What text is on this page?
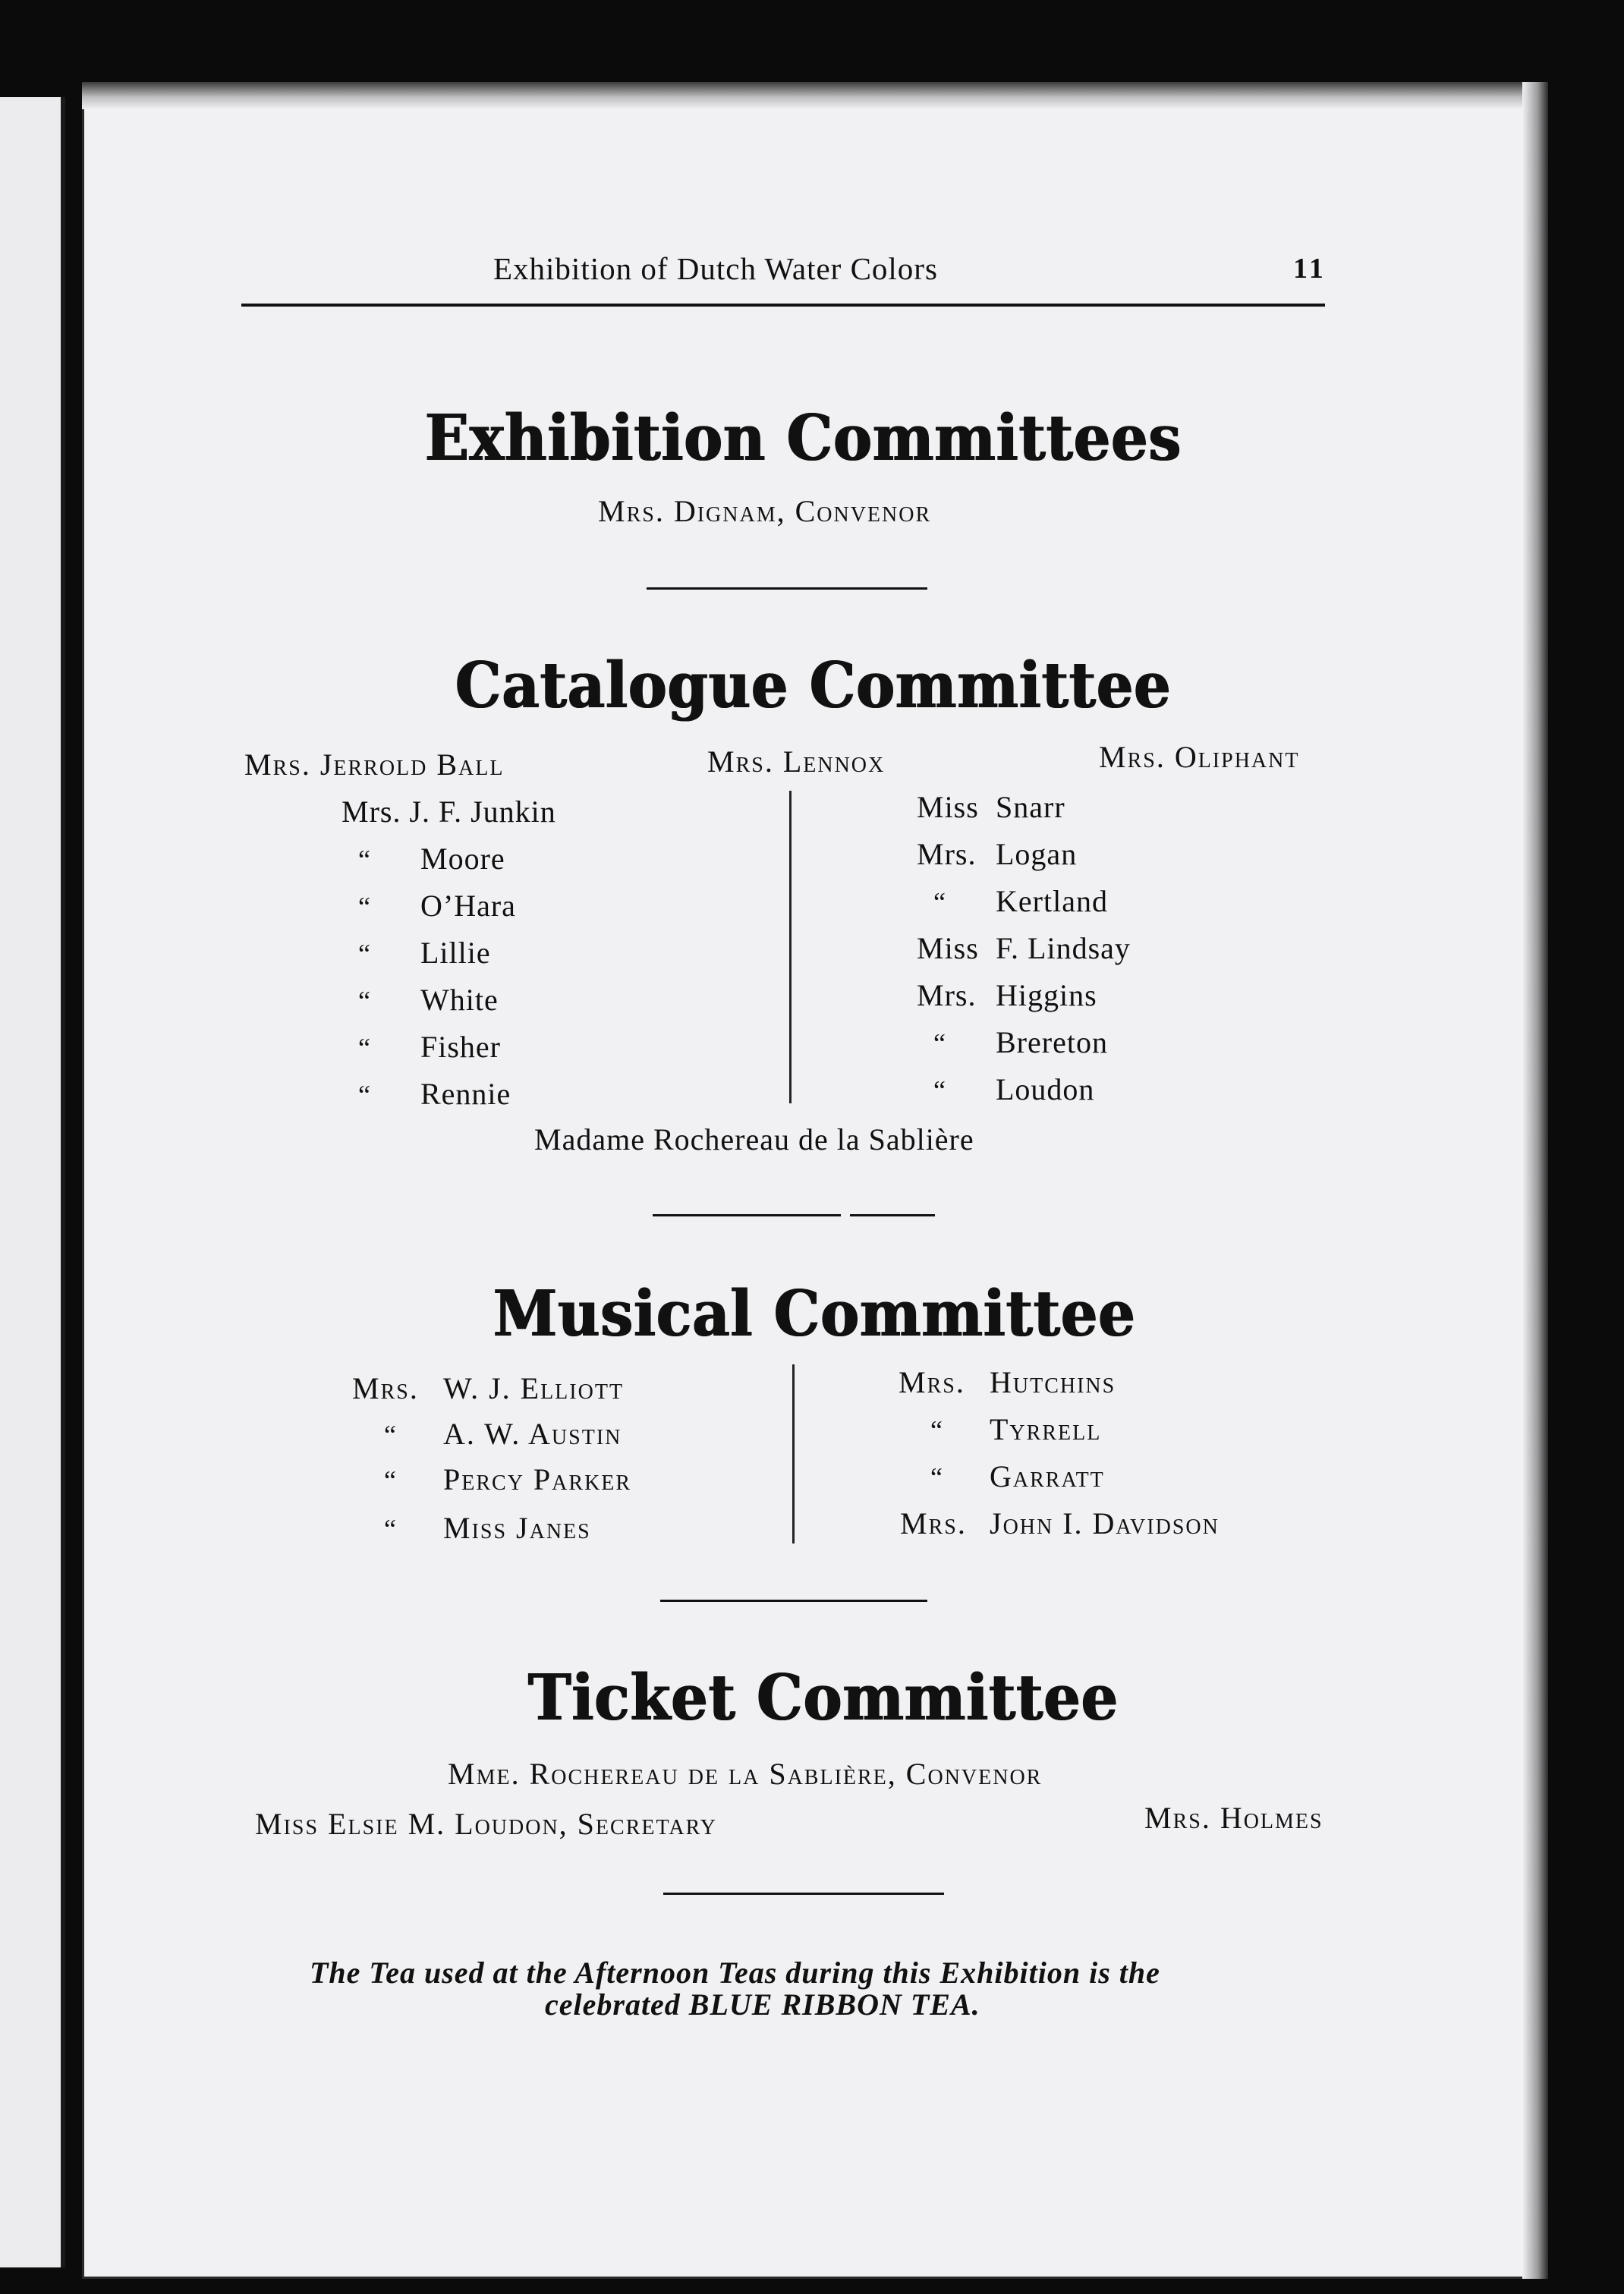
Exhibition of Dutch Water Colors	11
Exhibition Committees
Mrs. Dignam, Convenor
Catalogue Committee
Mrs. Jerrold Ball	Mrs. Lennox	Mrs. Oliphant
Mrs. J. F. Junkin
“ Moore
“ O’Hara
“ Lillie
“ White
“ Fisher
“ Rennie
Miss Snarr
Mrs. Logan
“ Kertland
Miss F. Lindsay
Mrs. Higgins
“ Brereton
“ Loudon
Madame Rochereau de la Sablière
Musical Committee
Mrs. W. J. Elliott
“ A. W. Austin
“ Percy Parker
“ Miss Janes
Mrs. Hutchins
“ Tyrrell
“ Garratt
Mrs. John I. Davidson
Ticket Committee
Mme. Rochereau de la Sablière, Convenor
Miss Elsie M. Loudon, Secretary	Mrs. Holmes
The Tea used at the Afternoon Teas during this Exhibition is the
celebrated BLUE RIBBON TEA.
